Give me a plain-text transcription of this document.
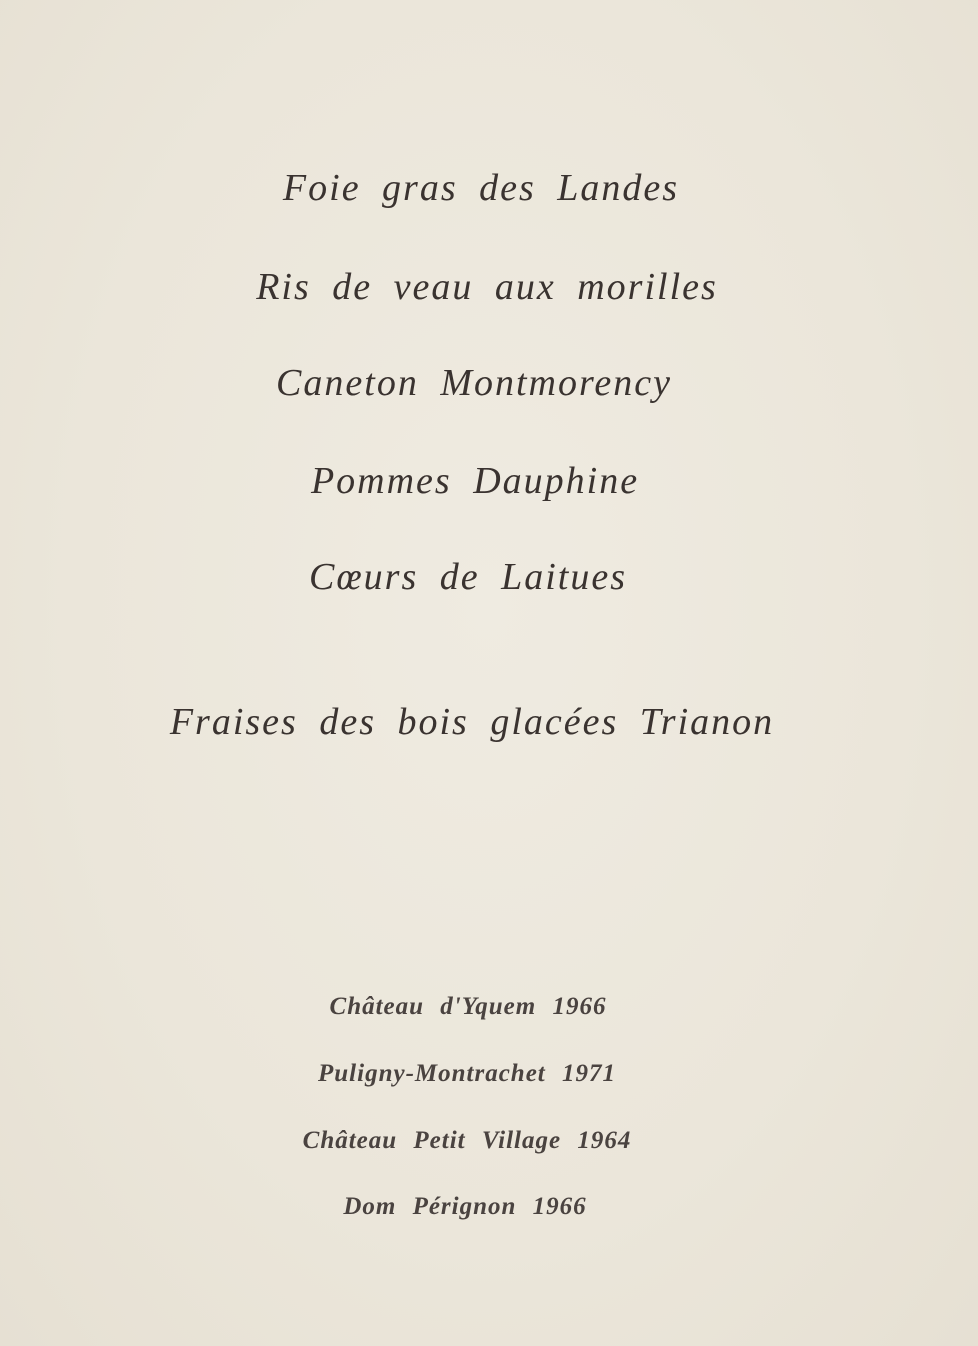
Foie gras des Landes
Ris de veau aux morilles
Caneton Montmorency
Pommes Dauphine
Cœurs de Laitues
Fraises des bois glacées Trianon
Château d'Yquem 1966
Puligny-Montrachet 1971
Château Petit Village 1964
Dom Pérignon 1966
